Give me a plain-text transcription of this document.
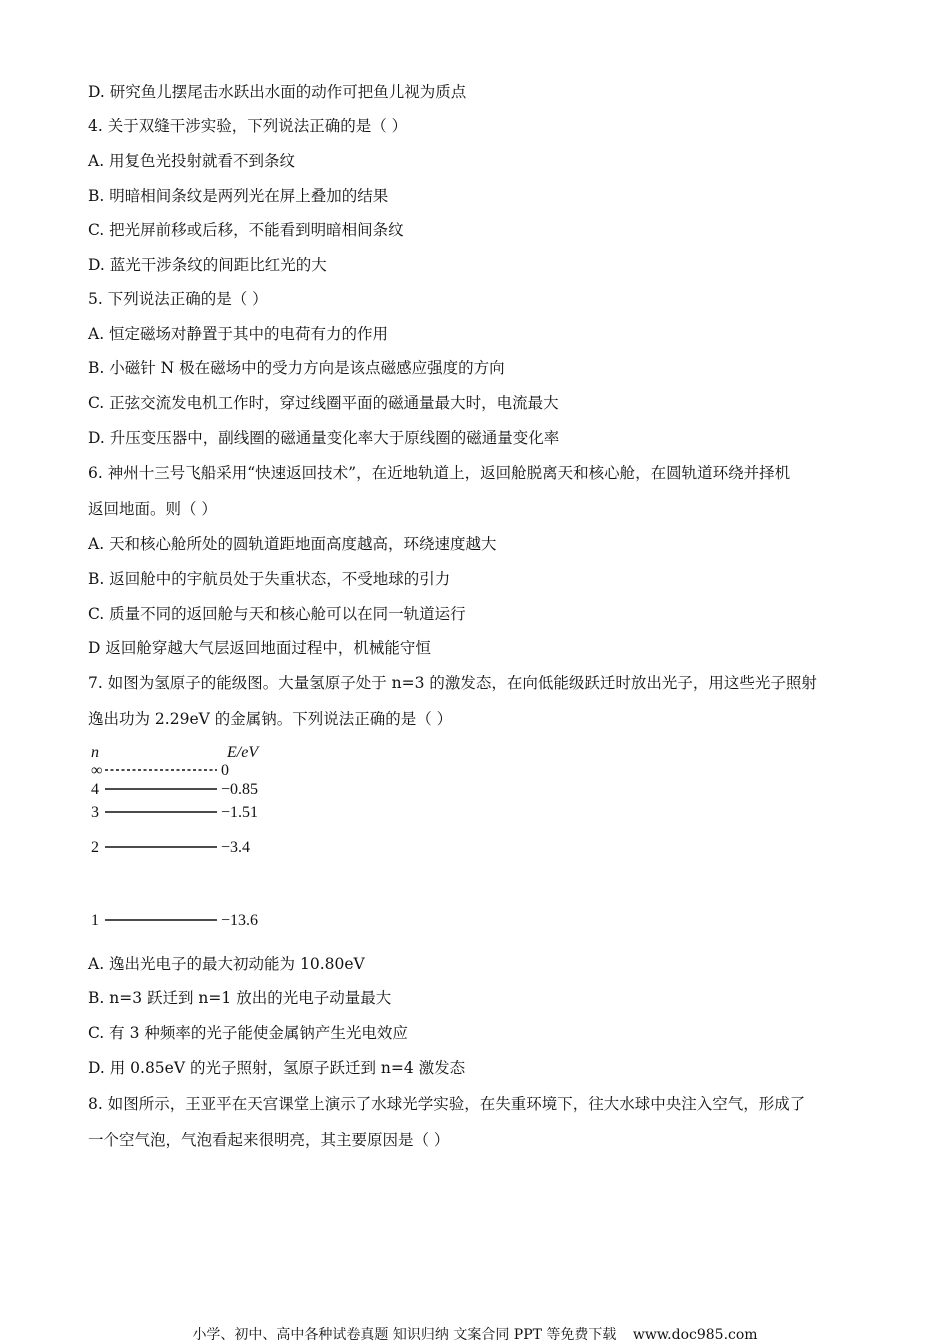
D. 研究鱼儿摆尾击水跃出水面的动作可把鱼儿视为质点
4. 关于双缝干涉实验，下列说法正确的是（ ）
A. 用复色光投射就看不到条纹
B. 明暗相间条纹是两列光在屏上叠加的结果
C. 把光屏前移或后移，不能看到明暗相间条纹
D. 蓝光干涉条纹的间距比红光的大
5. 下列说法正确的是（ ）
A. 恒定磁场对静置于其中的电荷有力的作用
B. 小磁针 N 极在磁场中的受力方向是该点磁感应强度的方向
C. 正弦交流发电机工作时，穿过线圈平面的磁通量最大时，电流最大
D. 升压变压器中，副线圈的磁通量变化率大于原线圈的磁通量变化率
6. 神州十三号飞船采用“快速返回技术”，在近地轨道上，返回舱脱离天和核心舱，在圆轨道环绕并择机
返回地面。则（ ）
A. 天和核心舱所处的圆轨道距地面高度越高，环绕速度越大
B. 返回舱中的宇航员处于失重状态，不受地球的引力
C. 质量不同的返回舱与天和核心舱可以在同一轨道运行
D 返回舱穿越大气层返回地面过程中，机械能守恒
7. 如图为氢原子的能级图。大量氢原子处于 n=3 的激发态，在向低能级跃迁时放出光子，用这些光子照射
逸出功为 2.29eV 的金属钠。下列说法正确的是（ ）
n	E/eV
∞	0
4	−0.85
3	−1.51
2	−3.4
1	−13.6
A. 逸出光电子的最大初动能为 10.80eV
B. n=3 跃迁到 n=1 放出的光电子动量最大
C. 有 3 种频率的光子能使金属钠产生光电效应
D. 用 0.85eV 的光子照射，氢原子跃迁到 n=4 激发态
8. 如图所示，王亚平在天宫课堂上演示了水球光学实验，在失重环境下，往大水球中央注入空气，形成了
一个空气泡，气泡看起来很明亮，其主要原因是（ ）
小学、初中、高中各种试卷真题 知识归纳 文案合同 PPT 等免费下载 www.doc985.com
